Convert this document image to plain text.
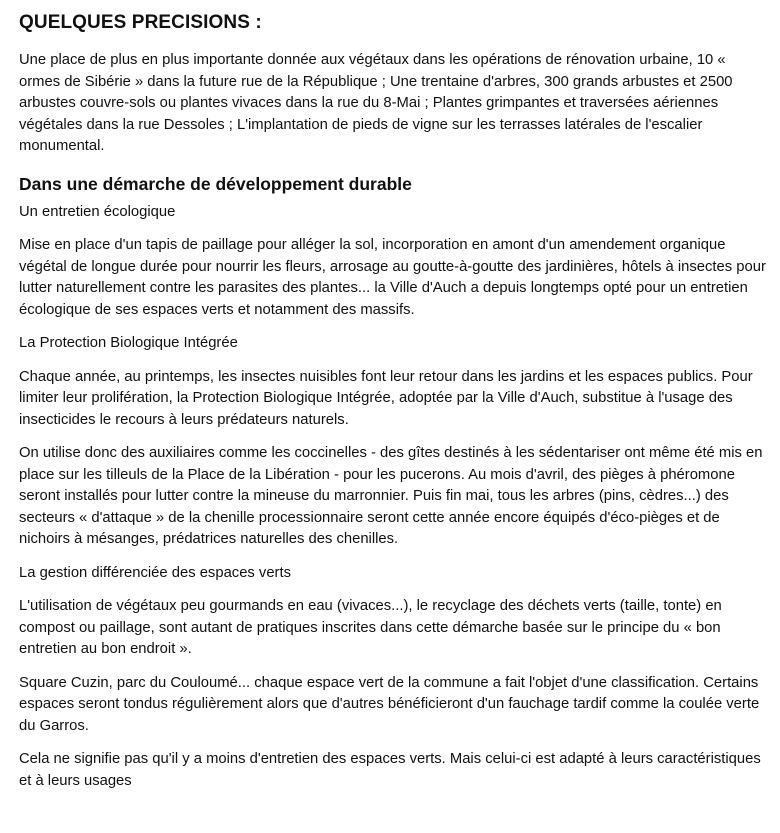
QUELQUES PRECISIONS :

Une place de plus en plus importante donnée aux végétaux dans les opérations de rénovation urbaine, 10 « ormes de Sibérie » dans la future rue de la République ; Une trentaine d'arbres, 300 grands arbustes et 2500 arbustes couvre-sols ou plantes vivaces dans la rue du 8-Mai ; Plantes grimpantes et traversées aériennes végétales dans la rue Dessoles ; L'implantation de pieds de vigne sur les terrasses latérales de l'escalier monumental.

Dans une démarche de développement durable

Un entretien écologique

Mise en place d'un tapis de paillage pour alléger la sol, incorporation en amont d'un amendement organique végétal de longue durée pour nourrir les fleurs, arrosage au goutte-à-goutte des jardinières, hôtels à insectes pour lutter naturellement contre les parasites des plantes... la Ville d'Auch a depuis longtemps opté pour un entretien écologique de ses espaces verts et notamment des massifs.

La Protection Biologique Intégrée

Chaque année, au printemps, les insectes nuisibles font leur retour dans les jardins et les espaces publics. Pour limiter leur prolifération, la Protection Biologique Intégrée, adoptée par la Ville d'Auch, substitue à l'usage des insecticides le recours à leurs prédateurs naturels.

On utilise donc des auxiliaires comme les coccinelles - des gîtes destinés à les sédentariser ont même été mis en place sur les tilleuls de la Place de la Libération - pour les pucerons. Au mois d'avril, des pièges à phéromone seront installés pour lutter contre la mineuse du marronnier. Puis fin mai, tous les arbres (pins, cèdres...) des secteurs « d'attaque » de la chenille processionnaire seront cette année encore équipés d'éco-pièges et de nichoirs à mésanges, prédatrices naturelles des chenilles.

La gestion différenciée des espaces verts

L'utilisation de végétaux peu gourmands en eau (vivaces...), le recyclage des déchets verts (taille, tonte) en compost ou paillage, sont autant de pratiques inscrites dans cette démarche basée sur le principe du « bon entretien au bon endroit ».

Square Cuzin, parc du Couloumé... chaque espace vert de la commune a fait l'objet d'une classification. Certains espaces seront tondus régulièrement alors que d'autres bénéficieront d'un fauchage tardif comme la coulée verte du Garros.

Cela ne signifie pas qu'il y a moins d'entretien des espaces verts. Mais celui-ci est adapté à leurs caractéristiques et à leurs usages
